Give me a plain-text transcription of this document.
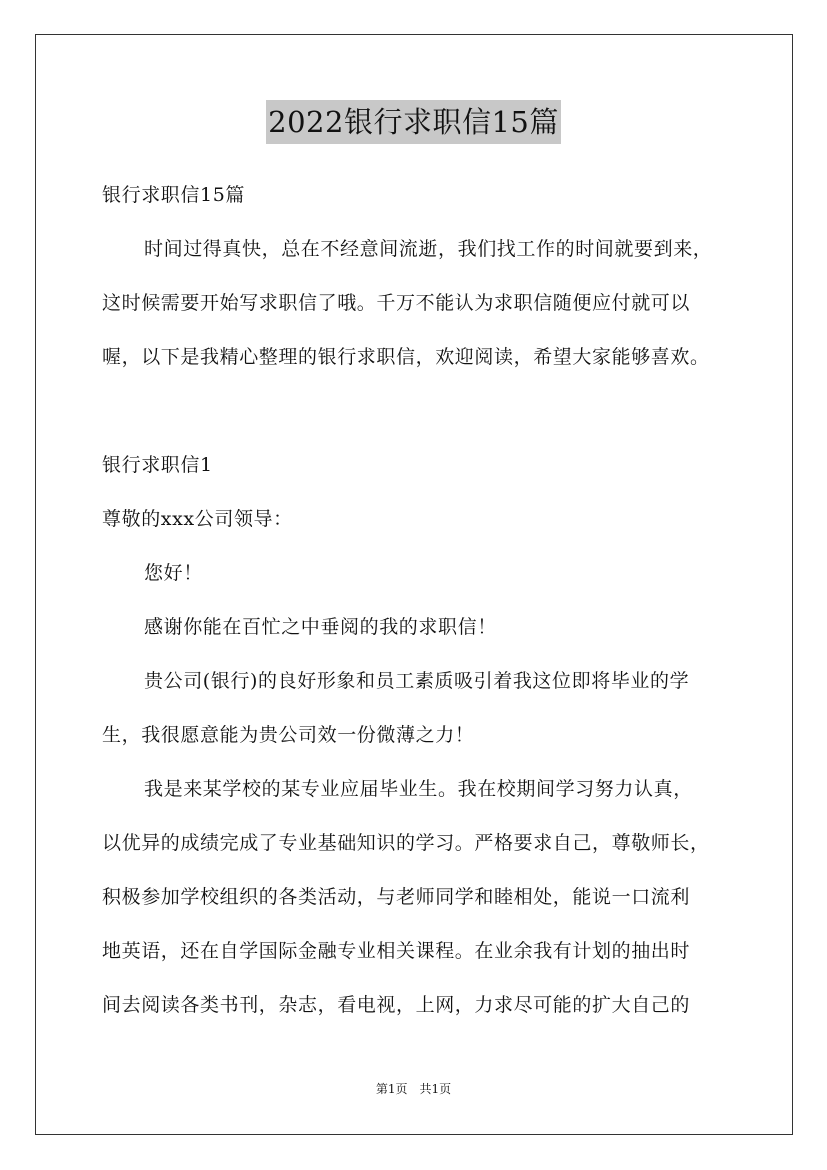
2022银行求职信15篇
银行求职信15篇
时间过得真快，总在不经意间流逝，我们找工作的时间就要到来，
这时候需要开始写求职信了哦。千万不能认为求职信随便应付就可以
喔，以下是我精心整理的银行求职信，欢迎阅读，希望大家能够喜欢。
银行求职信1
尊敬的xxx公司领导：
您好！
感谢你能在百忙之中垂阅的我的求职信！
贵公司(银行)的良好形象和员工素质吸引着我这位即将毕业的学
生，我很愿意能为贵公司效一份微薄之力！
我是来某学校的某专业应届毕业生。我在校期间学习努力认真，
以优异的成绩完成了专业基础知识的学习。严格要求自己，尊敬师长，
积极参加学校组织的各类活动，与老师同学和睦相处，能说一口流利
地英语，还在自学国际金融专业相关课程。在业余我有计划的抽出时
间去阅读各类书刊，杂志，看电视，上网，力求尽可能的扩大自己的
第1页 共1页
